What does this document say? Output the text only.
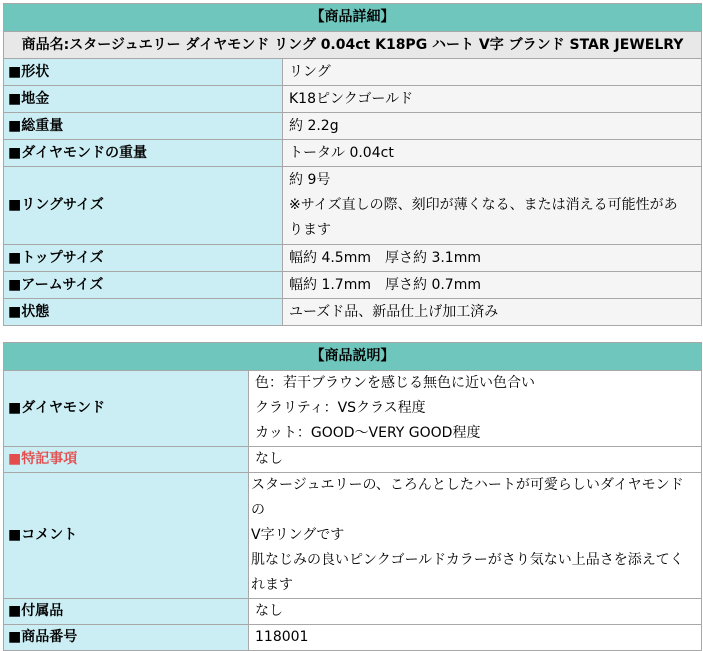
【商品詳細】	
商品名:スタージュエリー ダイヤモンド リング 0.04ct K18PG ハート V字 ブランド STAR JEWELRY	
■形状	リング
■地金	K18ピンクゴールド
■総重量	約 2.2g
■ダイヤモンドの重量	トータル 0.04ct
■リングサイズ	約 9号
※サイズ直しの際、刻印が薄くなる、または消える可能性があ
ります

■トップサイズ	幅約 4.5mm　厚さ約 3.1mm
■アームサイズ	幅約 1.7mm　厚さ約 0.7mm
■状態	ユーズド品、新品仕上げ加工済み
【商品説明】	
■ダイヤモンド	色：若干ブラウンを感じる無色に近い色合い
クラリティ：VSクラス程度
カット：GOOD～VERY GOOD程度

■特記事項	なし
■コメント	スタージュエリーの、ころんとしたハートが可愛らしいダイヤモンドの
V字リングです
肌なじみの良いピンクゴールドカラーがさり気ない上品さを添えてく
れます

■付属品	なし
■商品番号	118001
